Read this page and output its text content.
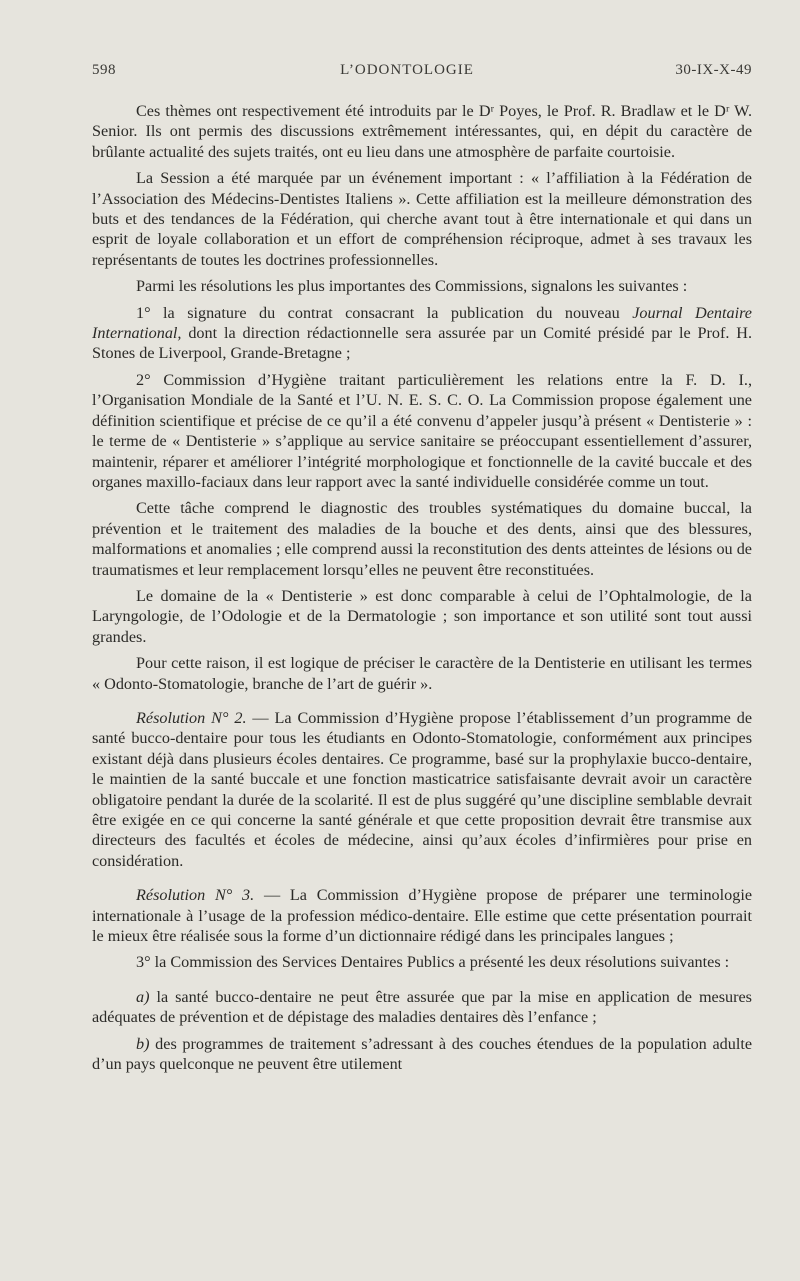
598	L’ODONTOLOGIE	30-IX-X-49

Ces thèmes ont respectivement été introduits par le Dʳ Poyes, le Prof. R. Bradlaw et le Dʳ W. Senior. Ils ont permis des discussions extrêmement intéressantes, qui, en dépit du caractère de brûlante actualité des sujets traités, ont eu lieu dans une atmosphère de parfaite courtoisie.

La Session a été marquée par un événement important : « l’affiliation à la Fédération de l’Association des Médecins-Dentistes Italiens ». Cette affiliation est la meilleure démonstration des buts et des tendances de la Fédération, qui cherche avant tout à être internationale et qui dans un esprit de loyale collaboration et un effort de compréhension réciproque, admet à ses travaux les représentants de toutes les doctrines professionnelles.

Parmi les résolutions les plus importantes des Commissions, signalons les suivantes :

1° la signature du contrat consacrant la publication du nouveau Journal Dentaire International, dont la direction rédactionnelle sera assurée par un Comité présidé par le Prof. H. Stones de Liverpool, Grande-Bretagne ;

2° Commission d’Hygiène traitant particulièrement les relations entre la F. D. I., l’Organisation Mondiale de la Santé et l’U. N. E. S. C. O. La Commission propose également une définition scientifique et précise de ce qu’il a été convenu d’appeler jusqu’à présent « Dentisterie » : le terme de « Dentisterie » s’applique au service sanitaire se préoccupant essentiellement d’assurer, maintenir, réparer et améliorer l’intégrité morphologique et fonctionnelle de la cavité buccale et des organes maxillo-faciaux dans leur rapport avec la santé individuelle considérée comme un tout.

Cette tâche comprend le diagnostic des troubles systématiques du domaine buccal, la prévention et le traitement des maladies de la bouche et des dents, ainsi que des blessures, malformations et anomalies ; elle comprend aussi la reconstitution des dents atteintes de lésions ou de traumatismes et leur remplacement lorsqu’elles ne peuvent être reconstituées.

Le domaine de la « Dentisterie » est donc comparable à celui de l’Ophtalmologie, de la Laryngologie, de l’Odologie et de la Dermatologie ; son importance et son utilité sont tout aussi grandes.

Pour cette raison, il est logique de préciser le caractère de la Dentisterie en utilisant les termes « Odonto-Stomatologie, branche de l’art de guérir ».

Résolution N° 2. — La Commission d’Hygiène propose l’établissement d’un programme de santé bucco-dentaire pour tous les étudiants en Odonto-Stomatologie, conformément aux principes existant déjà dans plusieurs écoles dentaires. Ce programme, basé sur la prophylaxie bucco-dentaire, le maintien de la santé buccale et une fonction masticatrice satisfaisante devrait avoir un caractère obligatoire pendant la durée de la scolarité. Il est de plus suggéré qu’une discipline semblable devrait être exigée en ce qui concerne la santé générale et que cette proposition devrait être transmise aux directeurs des facultés et écoles de médecine, ainsi qu’aux écoles d’infirmières pour prise en considération.

Résolution N° 3. — La Commission d’Hygiène propose de préparer une terminologie internationale à l’usage de la profession médico-dentaire. Elle estime que cette présentation pourrait le mieux être réalisée sous la forme d’un dictionnaire rédigé dans les principales langues ;

3° la Commission des Services Dentaires Publics a présenté les deux résolutions suivantes :

a) la santé bucco-dentaire ne peut être assurée que par la mise en application de mesures adéquates de prévention et de dépistage des maladies dentaires dès l’enfance ;

b) des programmes de traitement s’adressant à des couches étendues de la population adulte d’un pays quelconque ne peuvent être utilement
